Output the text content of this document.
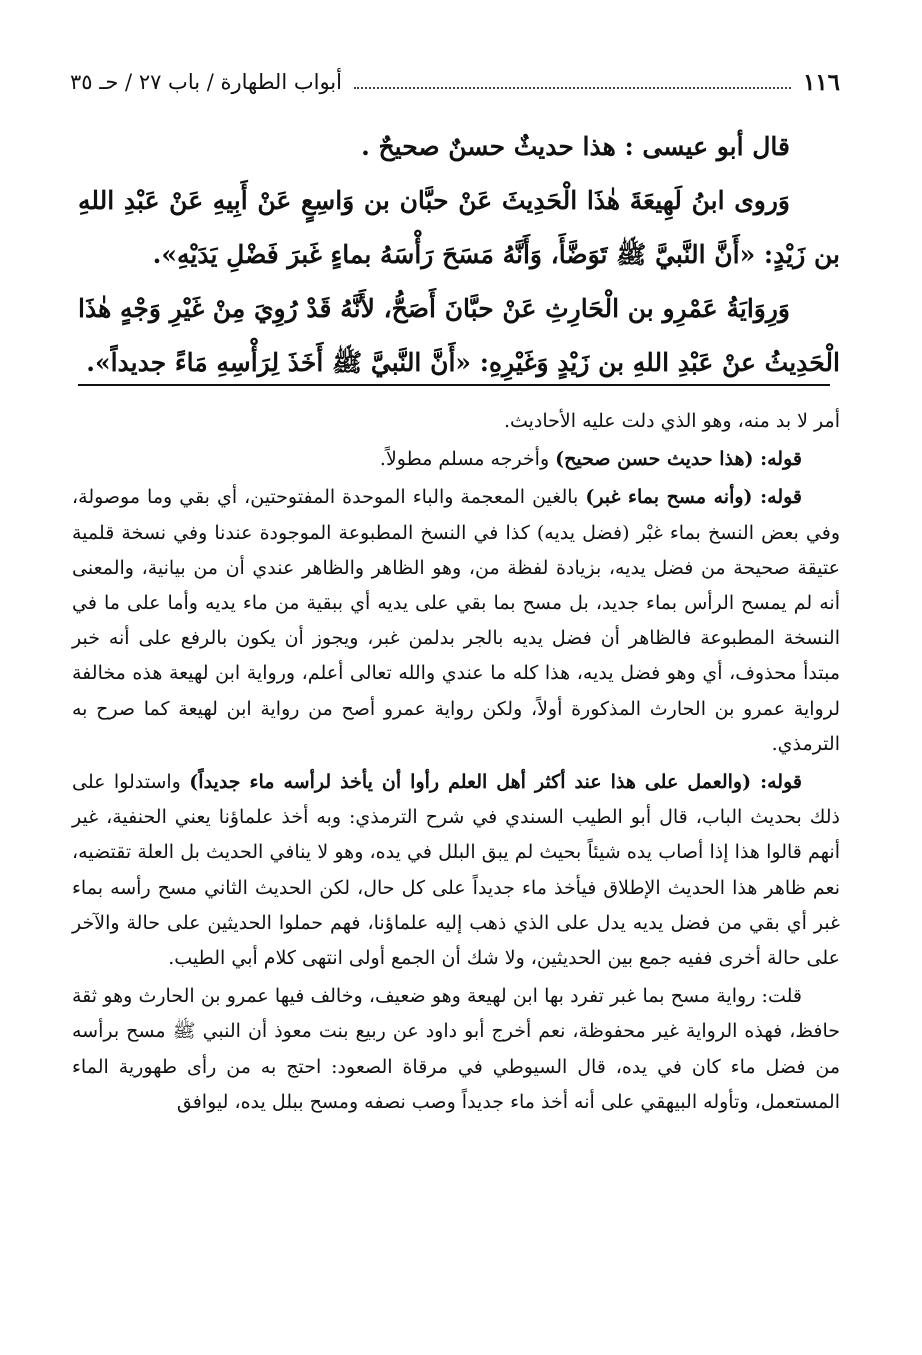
١١٦
أبواب الطهارة / باب ٢٧ / حـ ٣٥

قال أبو عيسى : هذا حديثٌ حسنٌ صحيحٌ .

وَروى ابنُ لَهِيعَةَ هٰذَا الْحَدِيثَ عَنْ حبَّان بن وَاسِعٍ عَنْ أَبِيهِ عَنْ عَبْدِ اللهِ بن زَيْدٍ: «أَنَّ النَّبيَّ ﷺ تَوَضَّأَ، وَأَنَّهُ مَسَحَ رَأْسَهُ بماءٍ غَبرَ فَضْلِ يَدَيْهِ».

وَرِوَايَةُ عَمْرِو بن الْحَارِثِ عَنْ حبَّانَ أَصَحُّ، لأَنَّهُ قَدْ رُوِيَ مِنْ غَيْرِ وَجْهٍ هٰذَا الْحَدِيثُ عنْ عَبْدِ اللهِ بن زَيْدٍ وَغَيْرِهِ: «أَنَّ النَّبيَّ ﷺ أَخَذَ لِرَأْسِهِ مَاءً جديداً».

أمر لا بد منه، وهو الذي دلت عليه الأحاديث.

قوله: (هذا حديث حسن صحيح) وأخرجه مسلم مطولاً.

قوله: (وأنه مسح بماء غبر) بالغين المعجمة والباء الموحدة المفتوحتين، أي بقي وما موصولة، وفي بعض النسخ بماء غبْر (فضل يديه) كذا في النسخ المطبوعة الموجودة عندنا وفي نسخة قلمية عتيقة صحيحة من فضل يديه، بزيادة لفظة من، وهو الظاهر والظاهر عندي أن من بيانية، والمعنى أنه لم يمسح الرأس بماء جديد، بل مسح بما بقي على يديه أي ببقية من ماء يديه وأما على ما في النسخة المطبوعة فالظاهر أن فضل يديه بالجر بدلمن غبر، ويجوز أن يكون بالرفع على أنه خبر مبتدأ محذوف، أي وهو فضل يديه، هذا كله ما عندي والله تعالى أعلم، ورواية ابن لهيعة هذه مخالفة لرواية عمرو بن الحارث المذكورة أولاً، ولكن رواية عمرو أصح من رواية ابن لهيعة كما صرح به الترمذي.

قوله: (والعمل على هذا عند أكثر أهل العلم رأوا أن يأخذ لرأسه ماء جديداً) واستدلوا على ذلك بحديث الباب، قال أبو الطيب السندي في شرح الترمذي: وبه أخذ علماؤنا يعني الحنفية، غير أنهم قالوا هذا إذا أصاب يده شيئاً بحيث لم يبق البلل في يده، وهو لا ينافي الحديث بل العلة تقتضيه، نعم ظاهر هذا الحديث الإطلاق فيأخذ ماء جديداً على كل حال، لكن الحديث الثاني مسح رأسه بماء غبر أي بقي من فضل يديه يدل على الذي ذهب إليه علماؤنا، فهم حملوا الحديثين على حالة والآخر على حالة أخرى ففيه جمع بين الحديثين، ولا شك أن الجمع أولى انتهى كلام أبي الطيب.

قلت: رواية مسح بما غبر تفرد بها ابن لهيعة وهو ضعيف، وخالف فيها عمرو بن الحارث وهو ثقة حافظ، فهذه الرواية غير محفوظة، نعم أخرج أبو داود عن ربيع بنت معوذ أن النبي ﷺ مسح برأسه من فضل ماء كان في يده، قال السيوطي في مرقاة الصعود: احتج به من رأى طهورية الماء المستعمل، وتأوله البيهقي على أنه أخذ ماء جديداً وصب نصفه ومسح ببلل يده، ليوافق
